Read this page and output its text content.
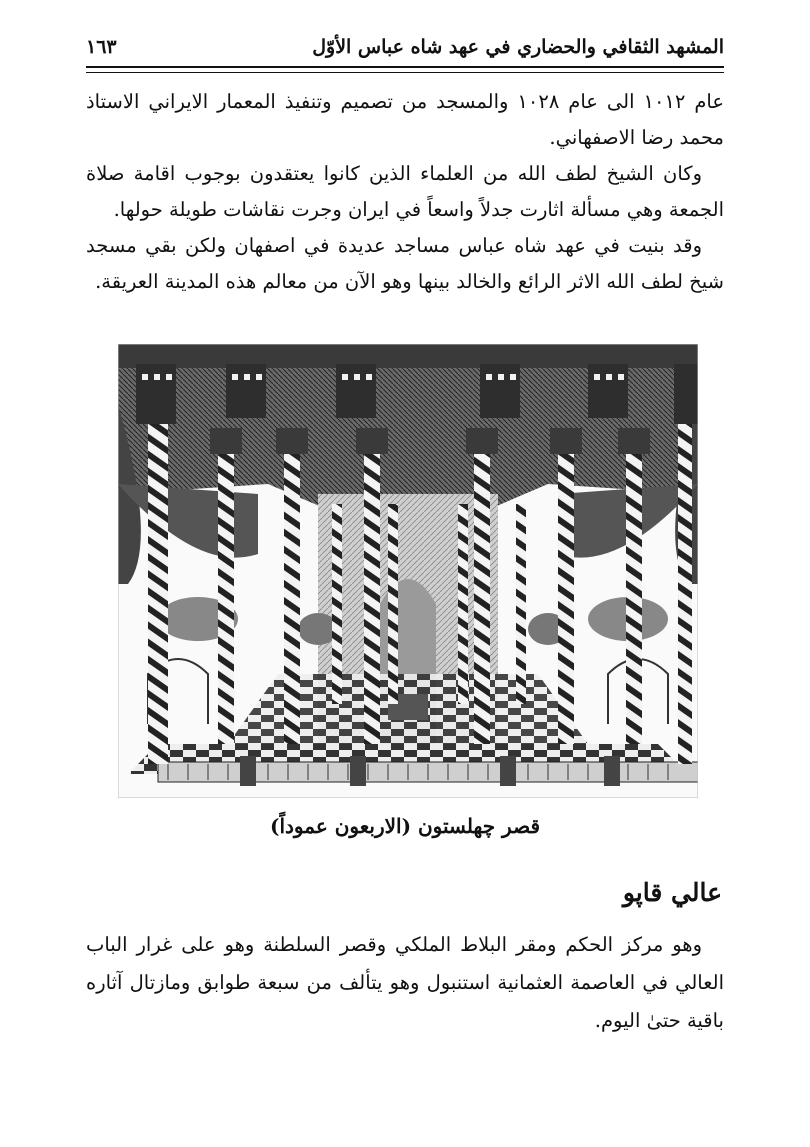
المشهد الثقافي والحضاري في عهد شاه عباس الأوّل
١٦٣

عام ١٠١٢ الى عام ١٠٢٨ والمسجد من تصميم وتنفيذ المعمار الايراني الاستاذ محمد رضا الاصفهاني.

وكان الشيخ لطف الله من العلماء الذين كانوا يعتقدون بوجوب اقامة صلاة الجمعة وهي مسألة اثارت جدلاً واسعاً في ايران وجرت نقاشات طويلة حولها.

وقد بنيت في عهد شاه عباس مساجد عديدة في اصفهان ولكن بقي مسجد شيخ لطف الله الاثر الرائع والخالد بينها وهو الآن من معالم هذه المدينة العريقة.

قصر چهلستون (الاربعون عموداً)
عالي قاپو

وهو مركز الحكم ومقر البلاط الملكي وقصر السلطنة وهو على غرار الباب العالي في العاصمة العثمانية استنبول وهو يتألف من سبعة طوابق ومازتال آثاره باقية حتىٰ اليوم.
